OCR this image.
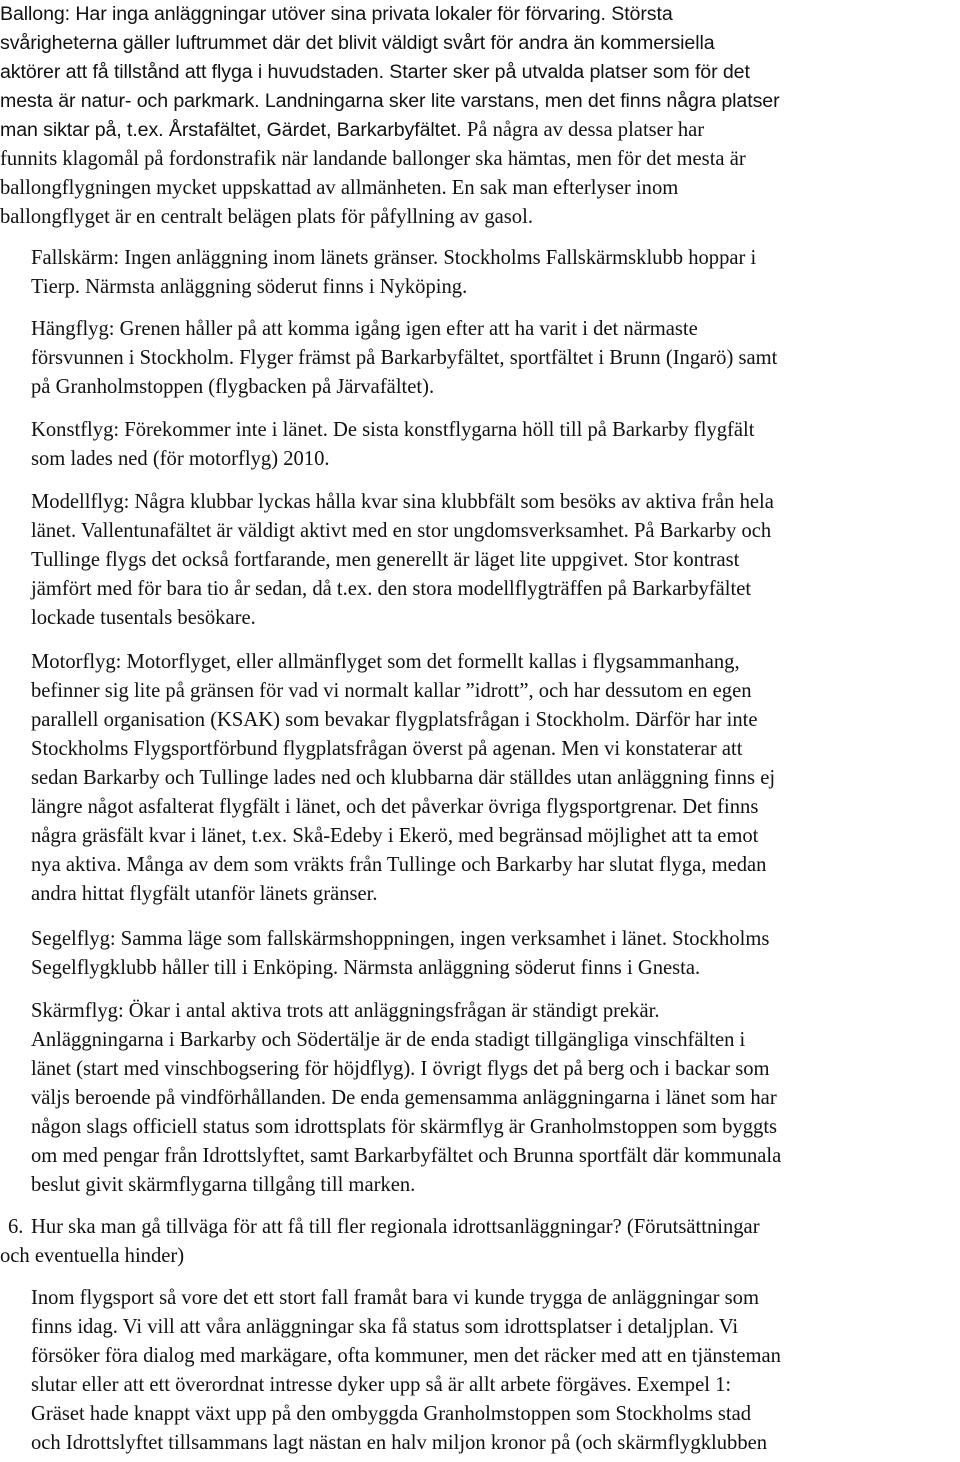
Ballong: Har inga anläggningar utöver sina privata lokaler för förvaring. Största
svårigheterna gäller luftrummet där det blivit väldigt svårt för andra än kommersiella
aktörer att få tillstånd att flyga i huvudstaden. Starter sker på utvalda platser som för det
mesta är natur- och parkmark. Landningarna sker lite varstans, men det finns några platser
man siktar på, t.ex. Årstafältet, Gärdet, Barkarbyfältet. På några av dessa platser har
funnits klagomål på fordonstrafik när landande ballonger ska hämtas, men för det mesta är
ballongflygningen mycket uppskattad av allmänheten. En sak man efterlyser inom
ballongflyget är en centralt belägen plats för påfyllning av gasol.
Fallskärm: Ingen anläggning inom länets gränser. Stockholms Fallskärmsklubb hoppar i
Tierp. Närmsta anläggning söderut finns i Nyköping.
Hängflyg: Grenen håller på att komma igång igen efter att ha varit i det närmaste
försvunnen i Stockholm. Flyger främst på Barkarbyfältet, sportfältet i Brunn (Ingarö) samt
på Granholmstoppen (flygbacken på Järvafältet).
Konstflyg: Förekommer inte i länet. De sista konstflygarna höll till på Barkarby flygfält
som lades ned (för motorflyg) 2010.
Modellflyg: Några klubbar lyckas hålla kvar sina klubbfält som besöks av aktiva från hela
länet. Vallentunafältet är väldigt aktivt med en stor ungdomsverksamhet. På Barkarby och
Tullinge flygs det också fortfarande, men generellt är läget lite uppgivet. Stor kontrast
jämfört med för bara tio år sedan, då t.ex. den stora modellflygträffen på Barkarbyfältet
lockade tusentals besökare.
Motorflyg: Motorflyget, eller allmänflyget som det formellt kallas i flygsammanhang,
befinner sig lite på gränsen för vad vi normalt kallar ”idrott”, och har dessutom en egen
parallell organisation (KSAK) som bevakar flygplatsfrågan i Stockholm. Därför har inte
Stockholms Flygsportförbund flygplatsfrågan överst på agenan. Men vi konstaterar att
sedan Barkarby och Tullinge lades ned och klubbarna där ställdes utan anläggning finns ej
längre något asfalterat flygfält i länet, och det påverkar övriga flygsportgrenar. Det finns
några gräsfält kvar i länet, t.ex. Skå-Edeby i Ekerö, med begränsad möjlighet att ta emot
nya aktiva. Många av dem som vräkts från Tullinge och Barkarby har slutat flyga, medan
andra hittat flygfält utanför länets gränser.
Segelflyg: Samma läge som fallskärmshoppningen, ingen verksamhet i länet. Stockholms
Segelflygklubb håller till i Enköping. Närmsta anläggning söderut finns i Gnesta.
Skärmflyg: Ökar i antal aktiva trots att anläggningsfrågan är ständigt prekär.
Anläggningarna i Barkarby och Södertälje är de enda stadigt tillgängliga vinschfälten i
länet (start med vinschbogsering för höjdflyg). I övrigt flygs det på berg och i backar som
väljs beroende på vindförhållanden. De enda gemensamma anläggningarna i länet som har
någon slags officiell status som idrottsplats för skärmflyg är Granholmstoppen som byggts
om med pengar från Idrottslyftet, samt Barkarbyfältet och Brunna sportfält där kommunala
beslut givit skärmflygarna tillgång till marken.
6. Hur ska man gå tillväga för att få till fler regionala idrottsanläggningar? (Förutsättningar
och eventuella hinder)
Inom flygsport så vore det ett stort fall framåt bara vi kunde trygga de anläggningar som
finns idag. Vi vill att våra anläggningar ska få status som idrottsplatser i detaljplan. Vi
försöker föra dialog med markägare, ofta kommuner, men det räcker med att en tjänsteman
slutar eller att ett överordnat intresse dyker upp så är allt arbete förgäves. Exempel 1:
Gräset hade knappt växt upp på den ombyggda Granholmstoppen som Stockholms stad
och Idrottslyftet tillsammans lagt nästan en halv miljon kronor på (och skärmflygklubben
